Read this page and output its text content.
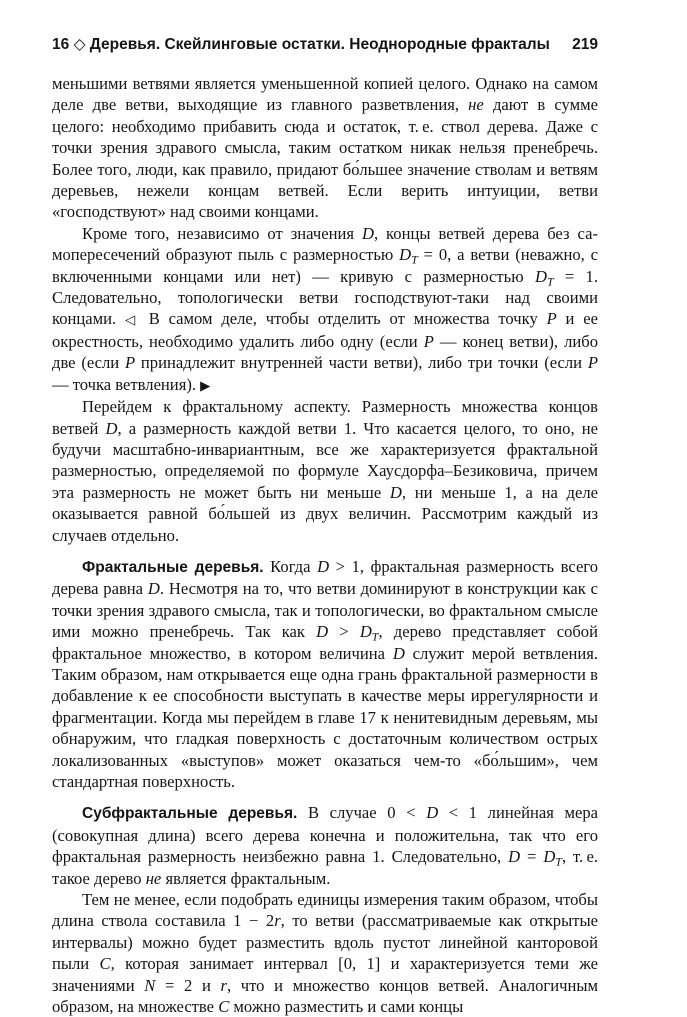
16 ◇ Деревья. Скейлинговые остатки. Неоднородные фракталы 219

меньшими ветвями является уменьшенной копией целого. Однако на самом деле две ветви, выходящие из главного разветвления, не дают в сумме целого: необходимо прибавить сюда и остаток, т. е. ствол дерева. Даже с точки зрения здравого смысла, таким остатком никак нельзя пренебречь. Более того, люди, как правило, придают бо́льшее значение стволам и ветвям деревьев, нежели концам ветвей. Если верить интуиции, ветви «господствуют» над своими концами.

Кроме того, независимо от значения D, концы ветвей дерева без самопересечений образуют пыль с размерностью $D_T = 0$, а ветви (неважно, с включенными концами или нет) — кривую с размерностью $D_T = 1$. Следовательно, топологически ветви господствуют-таки над своими концами. ◁ В самом деле, чтобы отделить от множества точку P и ее окрестность, необходимо удалить либо одну (если P — конец ветви), либо две (если P принадлежит внутренней части ветви), либо три точки (если P — точка ветвления). ▶

Перейдем к фрактальному аспекту. Размерность множества концов ветвей D, а размерность каждой ветви 1. Что касается целого, то оно, не будучи масштабно-инвариантным, все же характеризуется фрактальной размерностью, определяемой по формуле Хаусдорфа–Безиковича, причем эта размерность не может быть ни меньше D, ни меньше 1, а на деле оказывается равной бо́льшей из двух величин. Рассмотрим каждый из случаев отдельно.

Фрактальные деревья. Когда D > 1, фрактальная размерность всего дерева равна D. Несмотря на то, что ветви доминируют в конструкции как с точки зрения здравого смысла, так и топологически, во фрактальном смысле ими можно пренебречь. Так как $D > D_T$, дерево представляет собой фрактальное множество, в котором величина D служит мерой ветвления. Таким образом, нам открывается еще одна грань фрактальной размерности в добавление к ее способности выступать в качестве меры иррегулярности и фрагментации. Когда мы перейдем в главе 17 к ненитевидным деревьям, мы обнаружим, что гладкая поверхность с достаточным количеством острых локализованных «выступов» может оказаться чем-то «бо́льшим», чем стандартная поверхность.

Субфрактальные деревья. В случае 0 < D < 1 линейная мера (совокупная длина) всего дерева конечна и положительна, так что его фрактальная размерность неизбежно равна 1. Следовательно, $D = D_T$, т. е. такое дерево не является фрактальным.

Тем не менее, если подобрать единицы измерения таким образом, чтобы длина ствола составила 1 − 2r, то ветви (рассматриваемые как открытые интервалы) можно будет разместить вдоль пустот линейной канторовой пыли C, которая занимает интервал [0, 1] и характеризуется теми же значениями N = 2 и r, что и множество концов ветвей. Аналогичным образом, на множестве C можно разместить и сами концы
